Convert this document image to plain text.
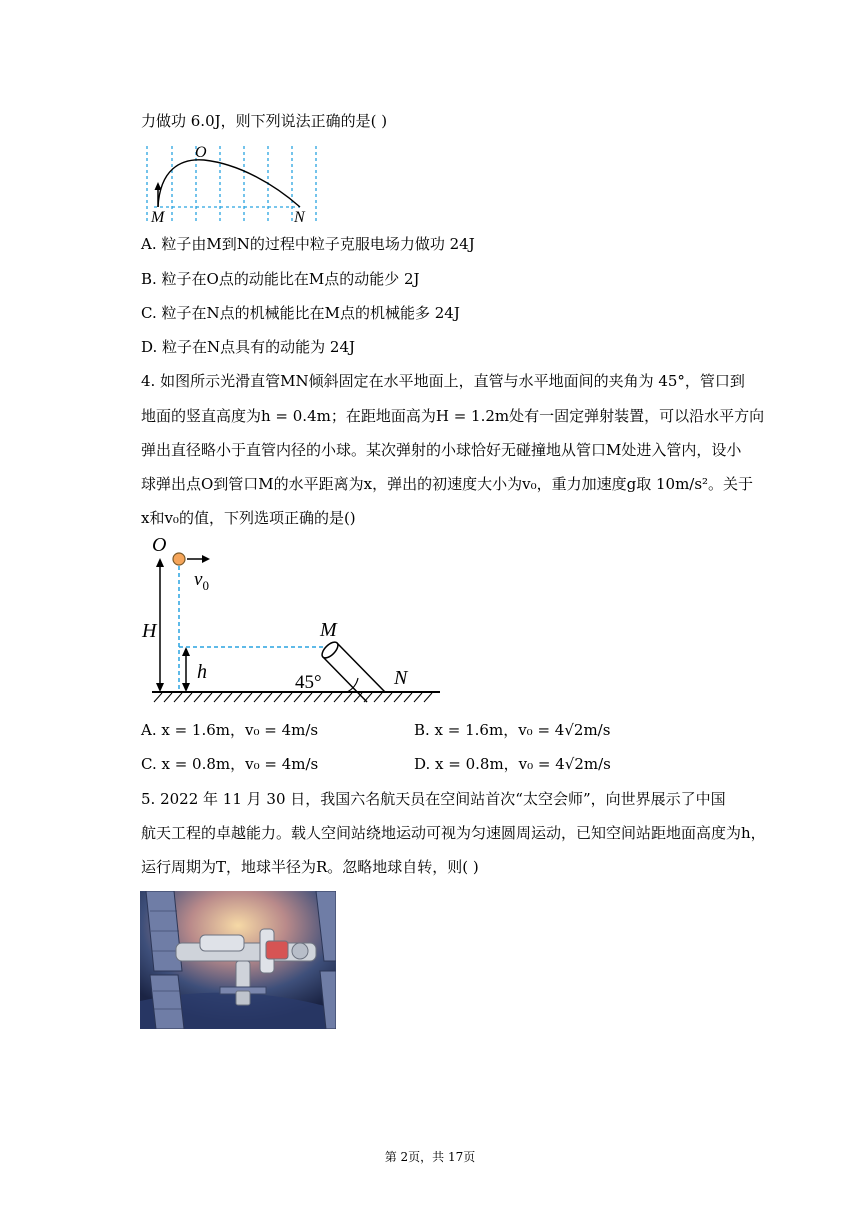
力做功 6.0J，则下列说法正确的是( )
O
M	N
A. 粒子由M到N的过程中粒子克服电场力做功 24J
B. 粒子在O点的动能比在M点的动能少 2J
C. 粒子在N点的机械能比在M点的机械能多 24J
D. 粒子在N点具有的动能为 24J
4. 如图所示光滑直管MN倾斜固定在水平地面上，直管与水平地面间的夹角为 45°，管口到
地面的竖直高度为h = 0.4m；在距地面高为H = 1.2m处有一固定弹射装置，可以沿水平方向
弹出直径略小于直管内径的小球。某次弹射的小球恰好无碰撞地从管口M处进入管内，设小
球弹出点O到管口M的水平距离为x，弹出的初速度大小为v₀，重力加速度g取 10m/s²。关于
x和v₀的值，下列选项正确的是()
O
$v_0$
H
h
M
N
45°
A. x = 1.6m，v₀ = 4m/s	B. x = 1.6m，v₀ = 4√2m/s
C. x = 0.8m，v₀ = 4m/s	D. x = 0.8m，v₀ = 4√2m/s
5. 2022 年 11 月 30 日，我国六名航天员在空间站首次“太空会师”，向世界展示了中国
航天工程的卓越能力。载人空间站绕地运动可视为匀速圆周运动，已知空间站距地面高度为h，
运行周期为T，地球半径为R。忽略地球自转，则( )
第 2页，共 17页
